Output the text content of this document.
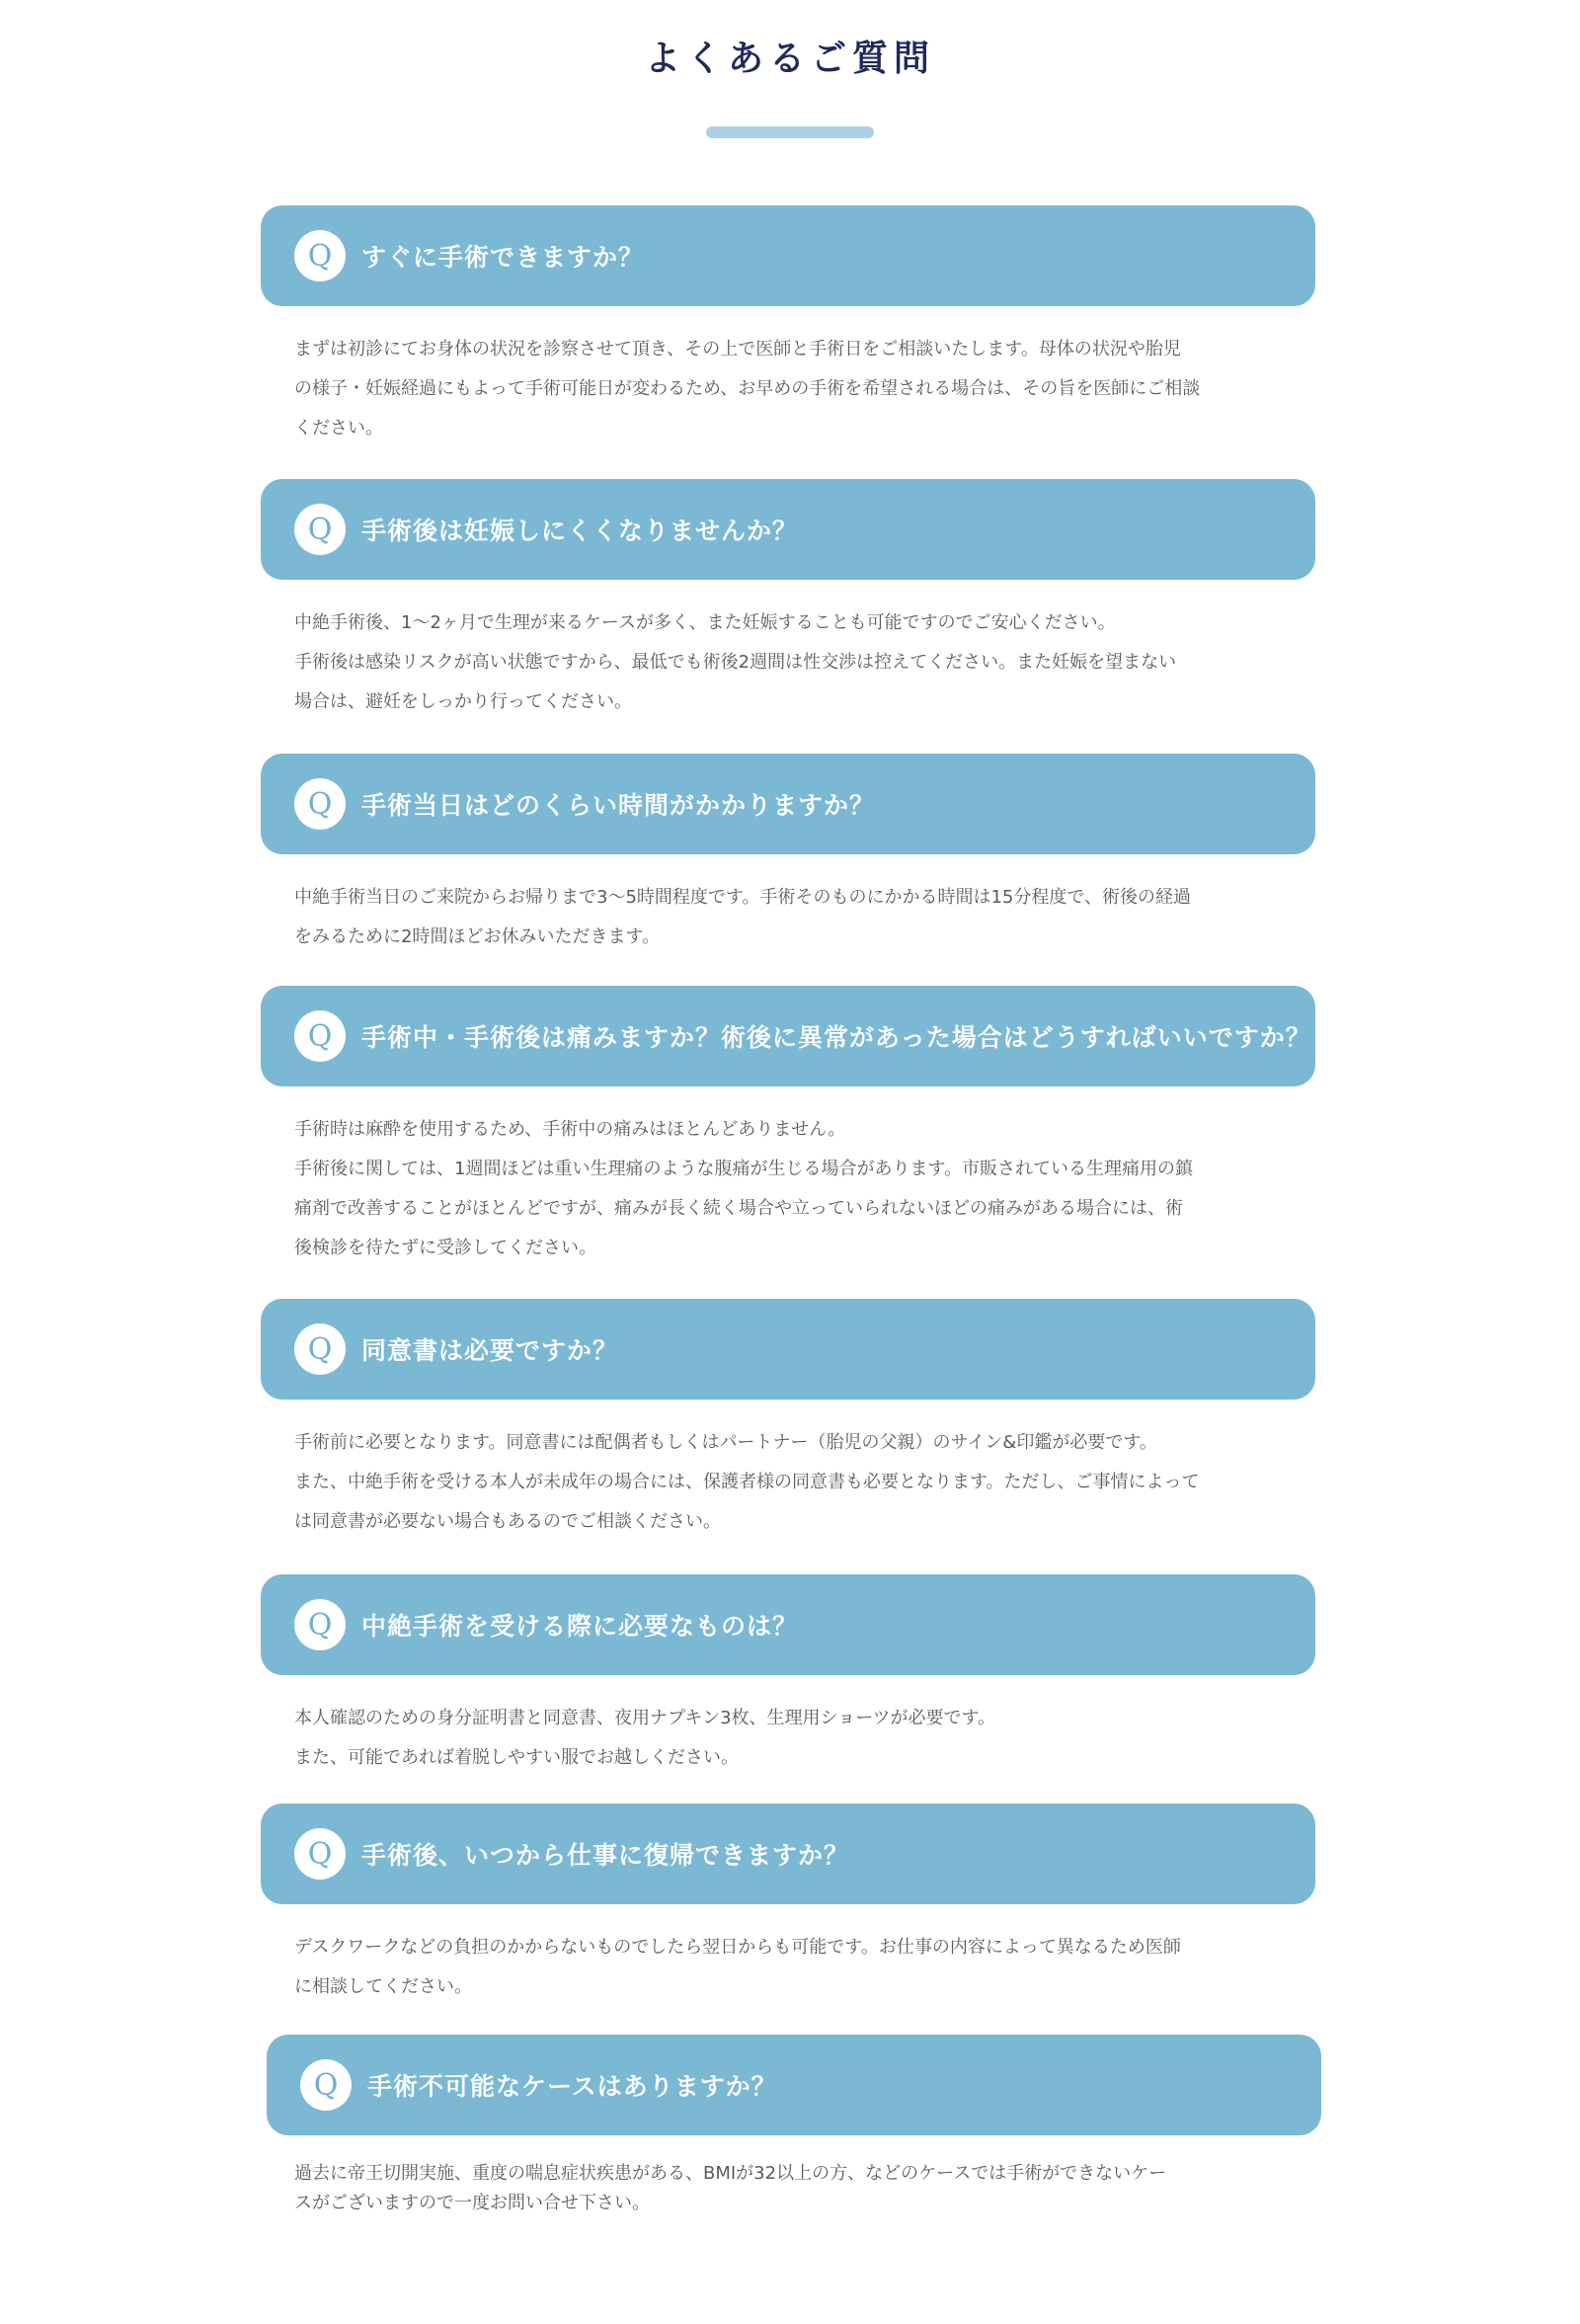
よくあるご質問
Q	すぐに手術できますか？
まずは初診にてお身体の状況を診察させて頂き、その上で医師と手術日をご相談いたします。母体の状況や胎児
の様子・妊娠経過にもよって手術可能日が変わるため、お早めの手術を希望される場合は、その旨を医師にご相談
ください。
Q	手術後は妊娠しにくくなりませんか？
中絶手術後、1〜2ヶ月で生理が来るケースが多く、また妊娠することも可能ですのでご安心ください。
手術後は感染リスクが高い状態ですから、最低でも術後2週間は性交渉は控えてください。また妊娠を望まない
場合は、避妊をしっかり行ってください。
Q	手術当日はどのくらい時間がかかりますか？
中絶手術当日のご来院からお帰りまで3〜5時間程度です。手術そのものにかかる時間は15分程度で、術後の経過
をみるために2時間ほどお休みいただきます。
Q	手術中・手術後は痛みますか？術後に異常があった場合はどうすればいいですか？
手術時は麻酔を使用するため、手術中の痛みはほとんどありません。
手術後に関しては、1週間ほどは重い生理痛のような腹痛が生じる場合があります。市販されている生理痛用の鎮
痛剤で改善することがほとんどですが、痛みが長く続く場合や立っていられないほどの痛みがある場合には、術
後検診を待たずに受診してください。
Q	同意書は必要ですか？
手術前に必要となります。同意書には配偶者もしくはパートナー（胎児の父親）のサイン&印鑑が必要です。
また、中絶手術を受ける本人が未成年の場合には、保護者様の同意書も必要となります。ただし、ご事情によって
は同意書が必要ない場合もあるのでご相談ください。
Q	中絶手術を受ける際に必要なものは？
本人確認のための身分証明書と同意書、夜用ナプキン3枚、生理用ショーツが必要です。
また、可能であれば着脱しやすい服でお越しください。
Q	手術後、いつから仕事に復帰できますか？
デスクワークなどの負担のかからないものでしたら翌日からも可能です。お仕事の内容によって異なるため医師
に相談してください。
Q	手術不可能なケースはありますか？
過去に帝王切開実施、重度の喘息症状疾患がある、BMIが32以上の方、などのケースでは手術ができないケー
スがございますので一度お問い合せ下さい。
